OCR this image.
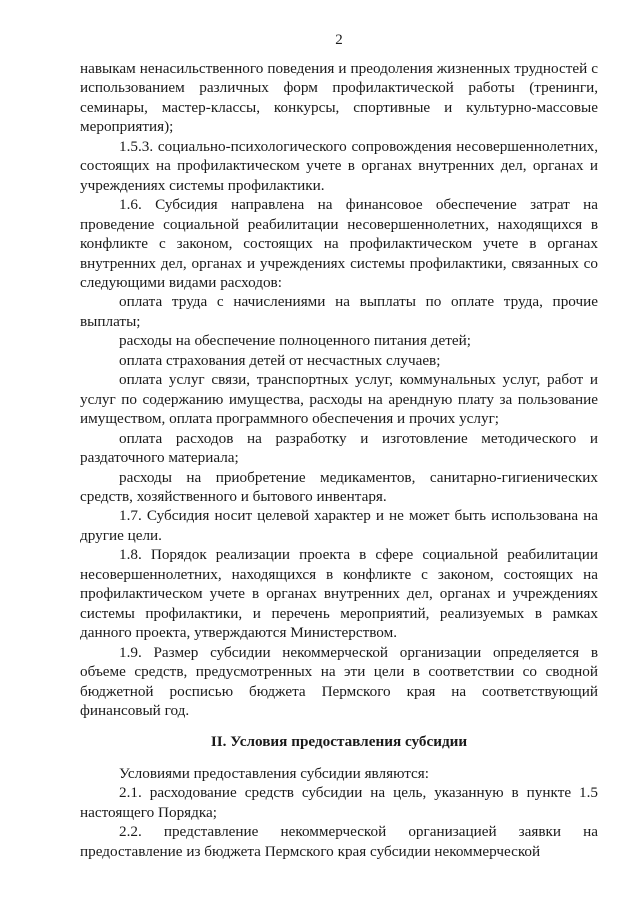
2

навыкам ненасильственного поведения и преодоления жизненных трудностей с использованием различных форм профилактической работы (тренинги, семинары, мастер-классы, конкурсы, спортивные и культурно-массовые мероприятия);

1.5.3. социально-психологического сопровождения несовершеннолетних, состоящих на профилактическом учете в органах внутренних дел, органах и учреждениях системы профилактики.

1.6. Субсидия направлена на финансовое обеспечение затрат на проведение социальной реабилитации несовершеннолетних, находящихся в конфликте с законом, состоящих на профилактическом учете в органах внутренних дел, органах и учреждениях системы профилактики, связанных со следующими видами расходов:

оплата труда с начислениями на выплаты по оплате труда, прочие выплаты;

расходы на обеспечение полноценного питания детей;

оплата страхования детей от несчастных случаев;

оплата услуг связи, транспортных услуг, коммунальных услуг, работ и услуг по содержанию имущества, расходы на арендную плату за пользование имуществом, оплата программного обеспечения и прочих услуг;

оплата расходов на разработку и изготовление методического и раздаточного материала;

расходы на приобретение медикаментов, санитарно-гигиенических средств, хозяйственного и бытового инвентаря.

1.7. Субсидия носит целевой характер и не может быть использована на другие цели.

1.8. Порядок реализации проекта в сфере социальной реабилитации несовершеннолетних, находящихся в конфликте с законом, состоящих на профилактическом учете в органах внутренних дел, органах и учреждениях системы профилактики, и перечень мероприятий, реализуемых в рамках данного проекта, утверждаются Министерством.

1.9. Размер субсидии некоммерческой организации определяется в объеме средств, предусмотренных на эти цели в соответствии со сводной бюджетной росписью бюджета Пермского края на соответствующий финансовый год.

II. Условия предоставления субсидии

Условиями предоставления субсидии являются:

2.1. расходование средств субсидии на цель, указанную в пункте 1.5 настоящего Порядка;

2.2. представление некоммерческой организацией заявки на предоставление из бюджета Пермского края субсидии некоммерческой
